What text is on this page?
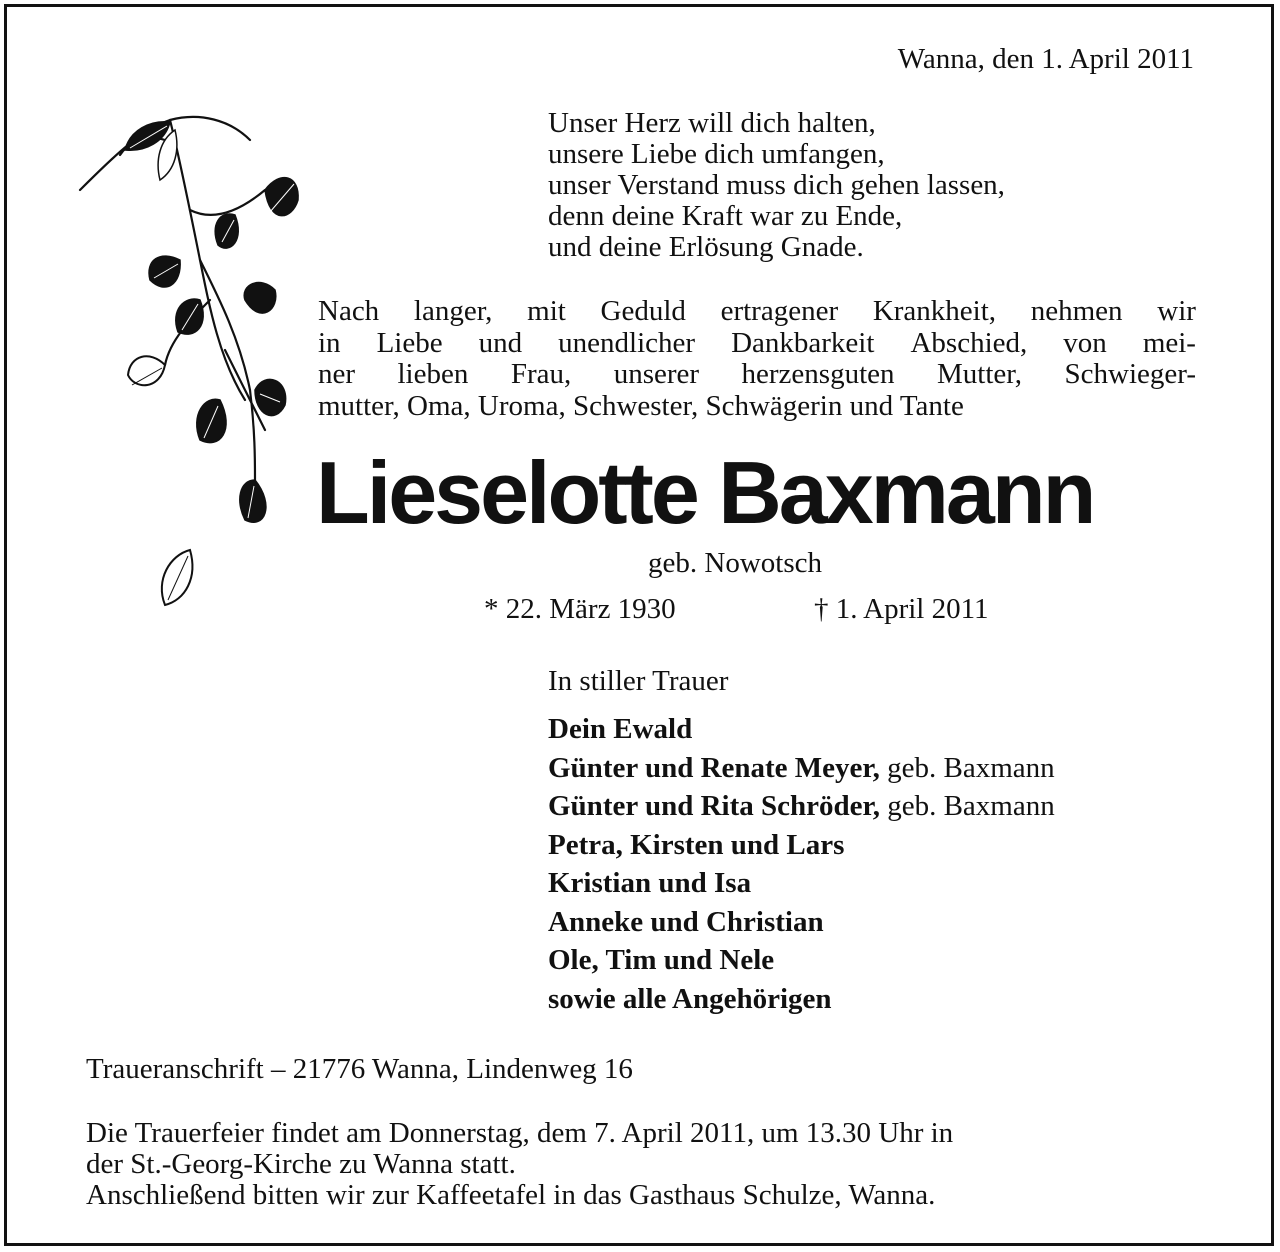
Wanna, den 1. April 2011
Unser Herz will dich halten,
unsere Liebe dich umfangen,
unser Verstand muss dich gehen lassen,
denn deine Kraft war zu Ende,
und deine Erlösung Gnade.
Nach langer, mit Geduld ertragener Krankheit, nehmen wir
in Liebe und unendlicher Dankbarkeit Abschied, von mei-
ner lieben Frau, unserer herzensguten Mutter, Schwieger-
mutter, Oma, Uroma, Schwester, Schwägerin und Tante
Lieselotte Baxmann
geb. Nowotsch
* 22. März 1930	† 1. April 2011
In stiller Trauer
Dein Ewald
Günter und Renate Meyer, geb. Baxmann
Günter und Rita Schröder, geb. Baxmann
Petra, Kirsten und Lars
Kristian und Isa
Anneke und Christian
Ole, Tim und Nele
sowie alle Angehörigen
Traueranschrift – 21776 Wanna, Lindenweg 16
Die Trauerfeier findet am Donnerstag, dem 7. April 2011, um 13.30 Uhr in
der St.-Georg-Kirche zu Wanna statt.
Anschließend bitten wir zur Kaffeetafel in das Gasthaus Schulze, Wanna.
